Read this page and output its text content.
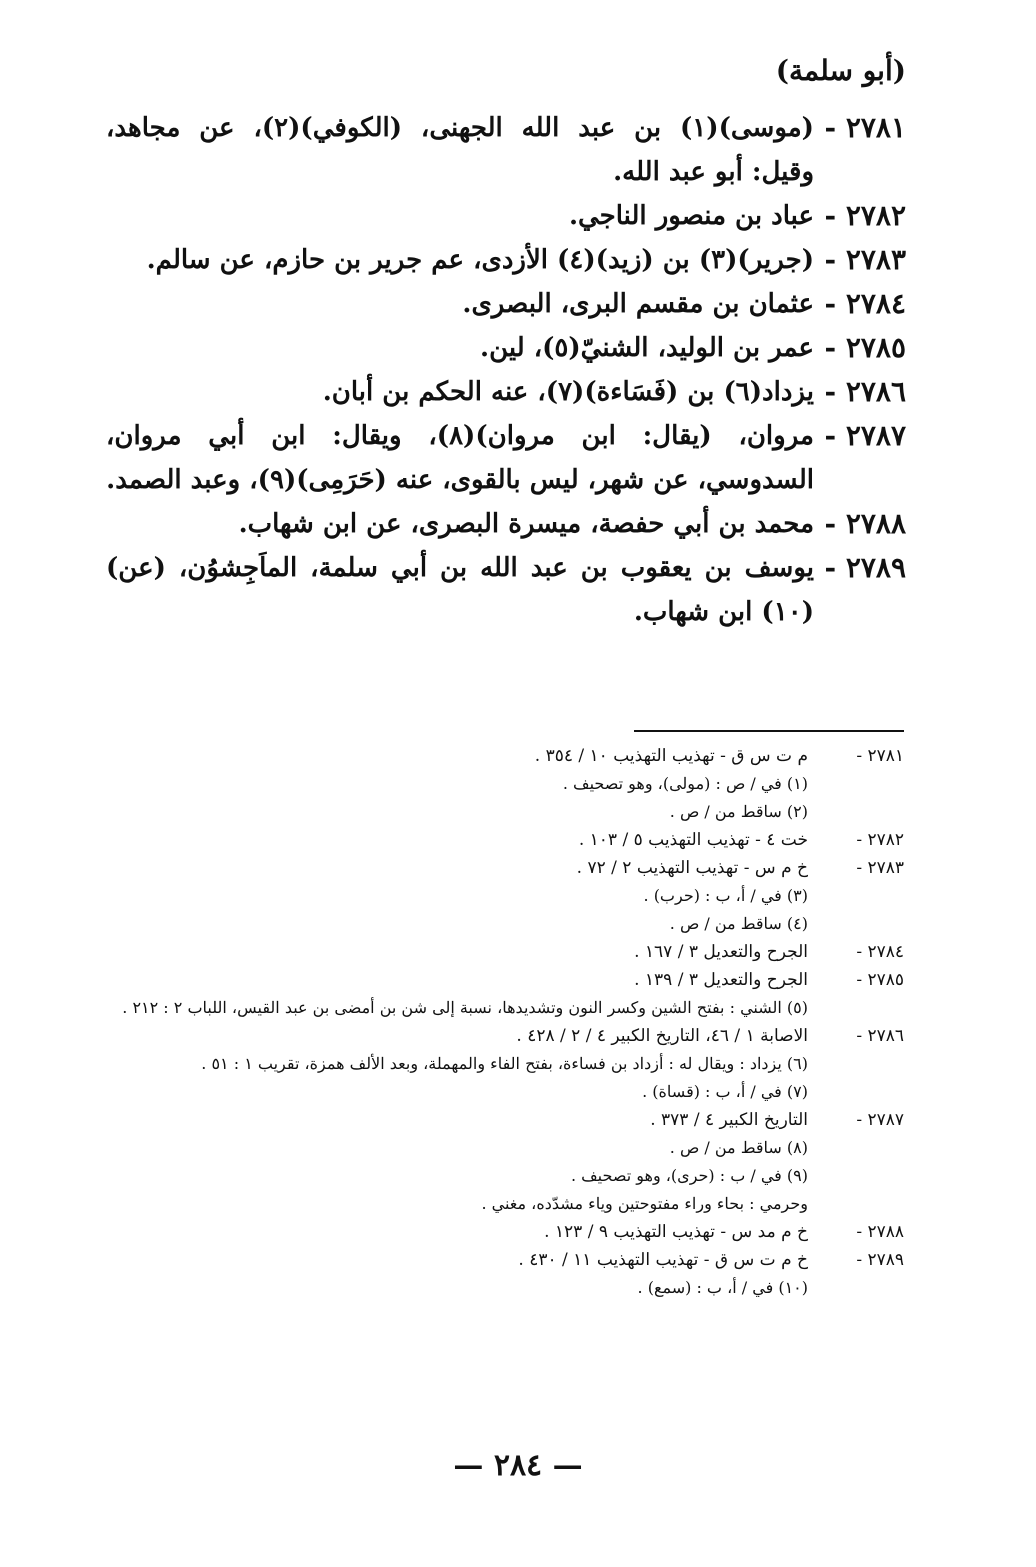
(أبو سلمة)
٢٧٨١ -
(موسى)(١) بن عبد الله الجهنى، (الكوفي)(٢)، عن مجاهد، وقيل: أبو عبد الله.
٢٧٨٢ -
عباد بن منصور الناجي.
٢٧٨٣ -
(جرير)(٣) بن (زيد)(٤) الأزدى، عم جرير بن حازم، عن سالم.
٢٧٨٤ -
عثمان بن مقسم البرى، البصرى.
٢٧٨٥ -
عمر بن الوليد، الشنيّ(٥)، لين.
٢٧٨٦ -
يزداد(٦) بن (فَسَاءة)(٧)، عنه الحكم بن أبان.
٢٧٨٧ -
مروان، (يقال: ابن مروان)(٨)، ويقال: ابن أبي مروان، السدوسي، عن شهر، ليس بالقوى، عنه (حَرَمِى)(٩)، وعبد الصمد.
٢٧٨٨ -
محمد بن أبي حفصة، ميسرة البصرى، عن ابن شهاب.
٢٧٨٩ -
يوسف بن يعقوب بن عبد الله بن أبي سلمة، الماَجِشوُن، (عن)(١٠) ابن شهاب.
٢٧٨١ -
م ت س ق - تهذيب التهذيب ١٠ / ٣٥٤ .
(١) في / ص : (مولى)، وهو تصحيف .
(٢) ساقط من / ص .
٢٧٨٢ -
خت ٤ - تهذيب التهذيب ٥ / ١٠٣ .
٢٧٨٣ -
خ م س - تهذيب التهذيب ٢ / ٧٢ .
(٣) في / أ، ب : (حرب) .
(٤) ساقط من / ص .
٢٧٨٤ -
الجرح والتعديل ٣ / ١٦٧ .
٢٧٨٥ -
الجرح والتعديل ٣ / ١٣٩ .
(٥) الشني : بفتح الشين وكسر النون وتشديدها، نسبة إلى شن بن أمضى بن عبد القيس، اللباب ٢ : ٢١٢ .
٢٧٨٦ -
الاصابة ١ / ٤٦، التاريخ الكبير ٤ / ٢ / ٤٢٨ .
(٦) يزداد : ويقال له : أزداد بن فساءة، بفتح الفاء والمهملة، وبعد الألف همزة، تقريب ١ : ٥١ .
(٧) في / أ، ب : (قساة) .
٢٧٨٧ -
التاريخ الكبير ٤ / ٣٧٣ .
(٨) ساقط من / ص .
(٩) في / ب : (حرى)، وهو تصحيف .
وحرمي : بحاء وراء مفتوحتين وياء مشدّده، مغني .
٢٧٨٨ -
خ م مد س - تهذيب التهذيب ٩ / ١٢٣ .
٢٧٨٩ -
خ م ت س ق - تهذيب التهذيب ١١ / ٤٣٠ .
(١٠) في / أ، ب : (سمع) .
— ٢٨٤ —
